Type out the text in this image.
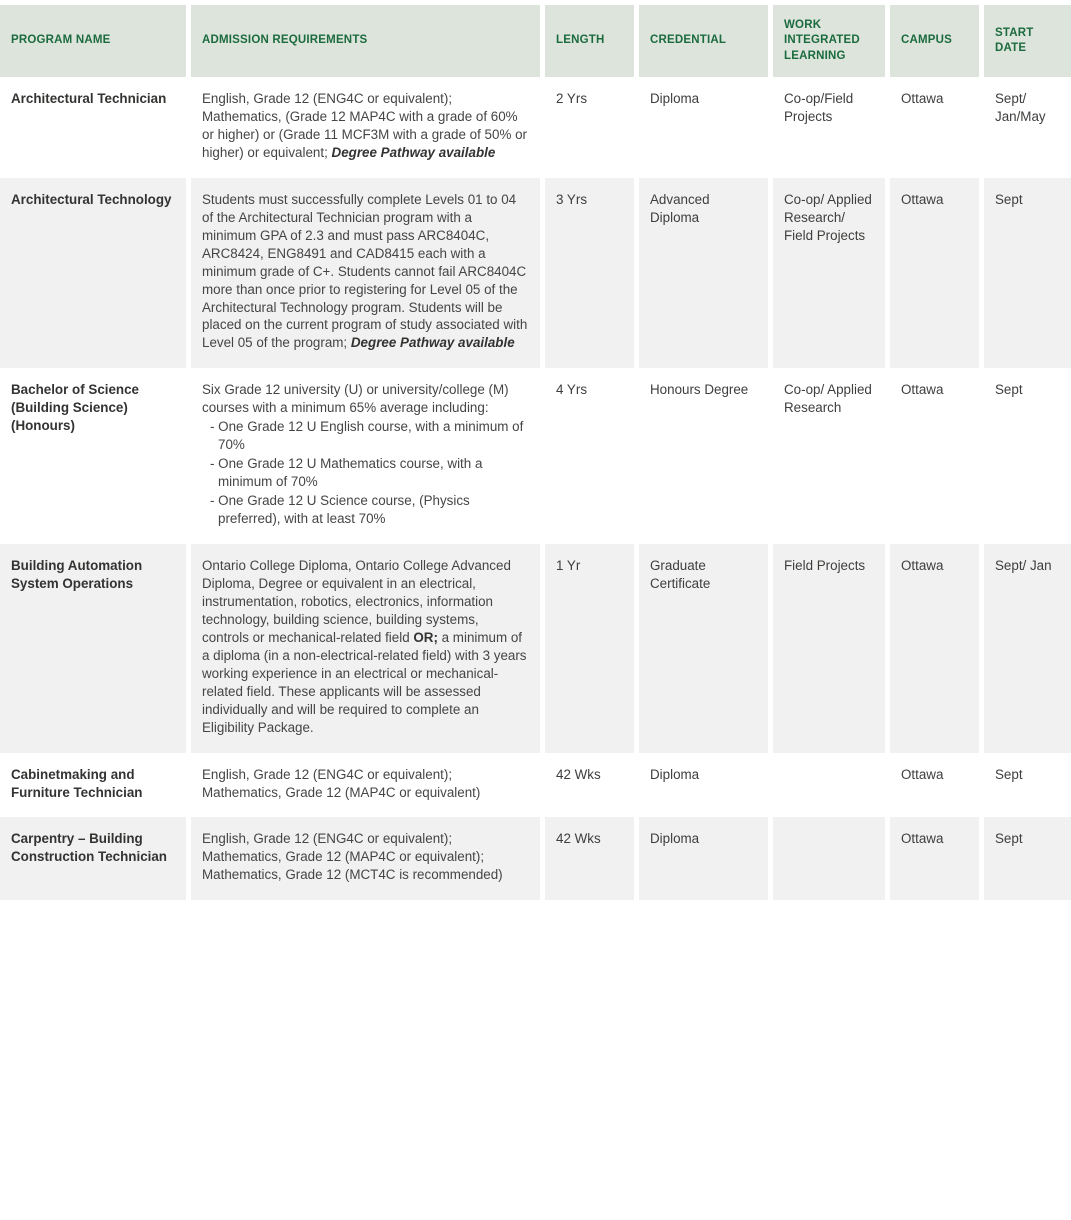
PROGRAM NAME	ADMISSION REQUIREMENTS	LENGTH	CREDENTIAL	WORK INTEGRATED LEARNING	CAMPUS	START DATE
Architectural Technician	English, Grade 12 (ENG4C or equivalent); Mathematics, (Grade 12 MAP4C with a grade of 60% or higher) or (Grade 11 MCF3M with a grade of 50% or higher) or equivalent; Degree Pathway available	2 Yrs	Diploma	Co-op/Field Projects	Ottawa	Sept/ Jan/May
Architectural Technology	Students must successfully complete Levels 01 to 04 of the Architectural Technician program with a minimum GPA of 2.3 and must pass ARC8404C, ARC8424, ENG8491 and CAD8415 each with a minimum grade of C+. Students cannot fail ARC8404C more than once prior to registering for Level 05 of the Architectural Technology program. Students will be placed on the current program of study associated with Level 05 of the program; Degree Pathway available	3 Yrs	Advanced Diploma	Co-op/ Applied Research/ Field Projects	Ottawa	Sept
Bachelor of Science (Building Science) (Honours)	Six Grade 12 university (U) or university/college (M) courses with a minimum 65% average including:
- One Grade 12 U English course, with a minimum of 70%
- One Grade 12 U Mathematics course, with a minimum of 70%
- One Grade 12 U Science course, (Physics preferred), with at least 70%
	4 Yrs	Honours Degree	Co-op/ Applied Research	Ottawa	Sept
Building Automation System Operations	Ontario College Diploma, Ontario College Advanced Diploma, Degree or equivalent in an electrical, instrumentation, robotics, electronics, information technology, building science, building systems, controls or mechanical-related field OR; a minimum of a diploma (in a non-electrical-related field) with 3 years working experience in an electrical or mechanical-related field. These applicants will be assessed individually and will be required to complete an Eligibility Package.	1 Yr	Graduate Certificate	Field Projects	Ottawa	Sept/ Jan
Cabinetmaking and Furniture Technician	English, Grade 12 (ENG4C or equivalent); Mathematics, Grade 12 (MAP4C or equivalent)	42 Wks	Diploma		Ottawa	Sept
Carpentry – Building Construction Technician	English, Grade 12 (ENG4C or equivalent); Mathematics, Grade 12 (MAP4C or equivalent); Mathematics, Grade 12 (MCT4C is recommended)	42 Wks	Diploma		Ottawa	Sept
